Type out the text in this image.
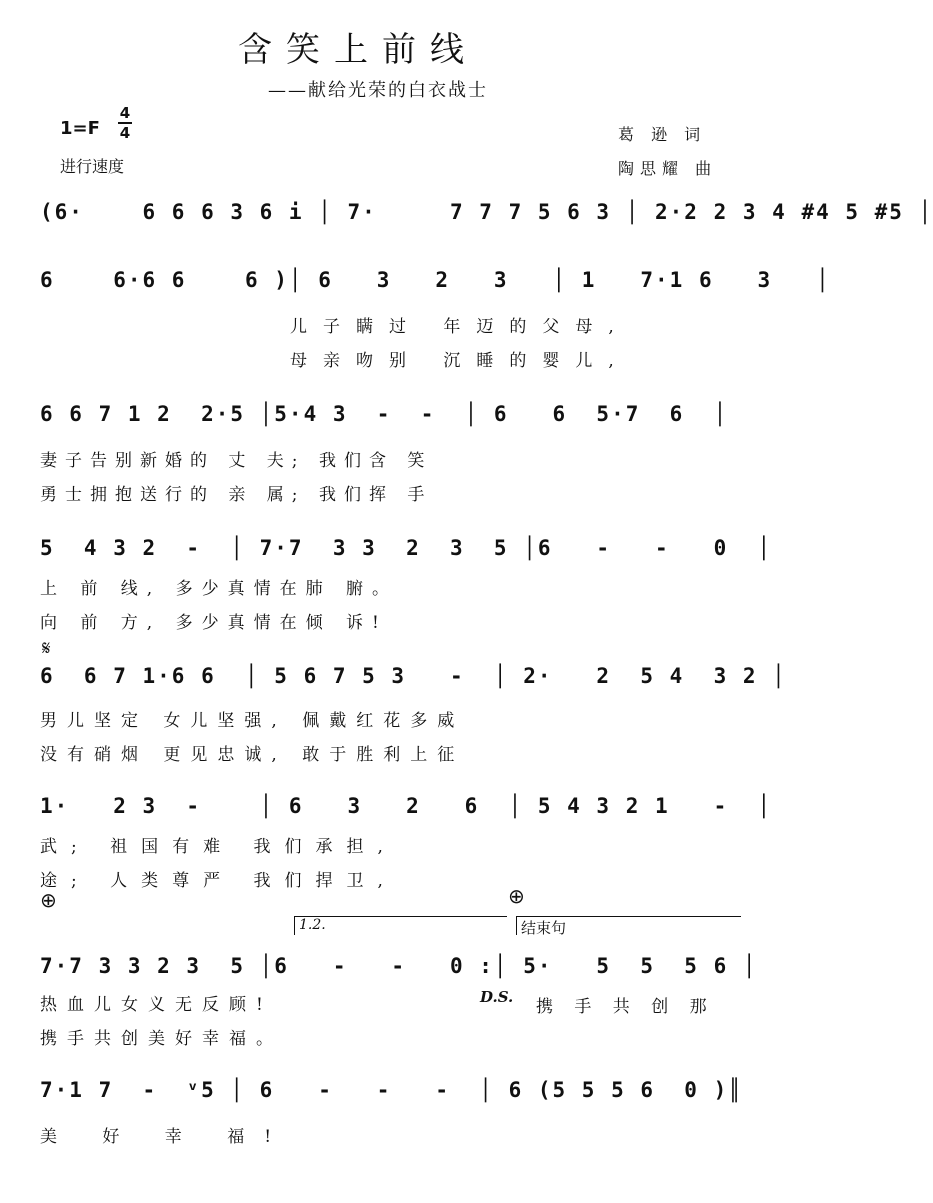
含笑上前线
——献给光荣的白衣战士
1=F
4
4
进行速度
葛 逊 词
陶思耀 曲
(6·    6 6 6 3 6 i │ 7·     7 7 7 5 6 3 │ 2·2 2 3 4 #4 5 #5 │
6    6·6 6    6 )│ 6   3   2   3   │ 1   7·1 6   3   │
儿子瞒过 年迈的父母,
母亲吻别 沉睡的婴儿,
6 6 7 1 2  2·5 │5·4 3  -  -  │ 6   6  5·7  6  │
妻子告别新婚的 丈 夫; 我们含 笑
勇士拥抱送行的 亲 属; 我们挥 手
5  4 3 2  -  │ 7·7  3 3  2  3  5 │6   -   -   0  │
上 前 线, 多少真情在肺 腑。
向 前 方, 多少真情在倾 诉!
𝄋
6  6 7 1·6 6  │ 5 6 7 5 3   -  │ 2·   2  5 4  3 2 │
男儿坚定 女儿坚强, 佩戴红花多威
没有硝烟 更见忠诚, 敢于胜利上征
1·   2 3  -    │ 6   3   2   6  │ 5 4 3 2 1   -  │
武; 祖国有难 我们承担,
途; 人类尊严 我们捍卫,
⊕	⊕
1.2.	结束句
7·7 3 3 2 3  5 │6   -   -   0 :│ 5·   5  5  5 6 │
热血儿女义无反顾!	D.S. 携 手 共 创 那
携手共创美好幸福。
7·1 7  -  ᵛ5 │ 6   -   -   -  │ 6 (5 5 5 6  0 )║
美 好 幸 福!
